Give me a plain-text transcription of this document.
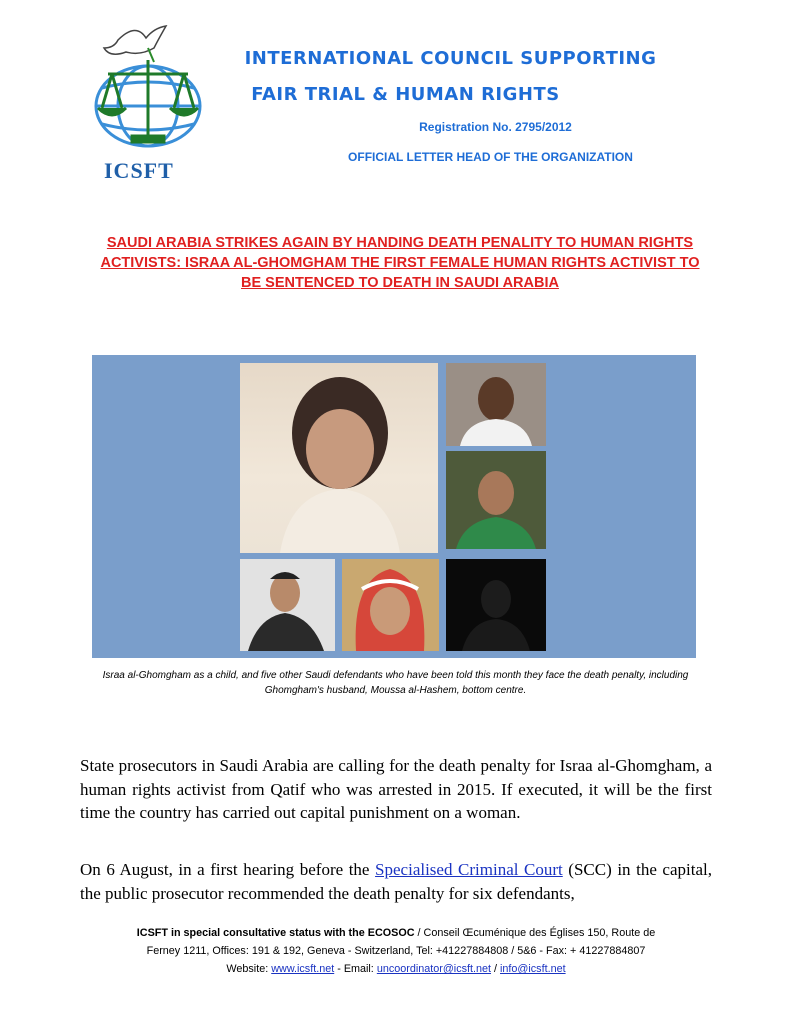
ICSFT
INTERNATIONAL COUNCIL SUPPORTING
FAIR TRIAL & HUMAN RIGHTS
Registration No. 2795/2012
OFFICIAL LETTER HEAD OF THE ORGANIZATION
SAUDI ARABIA STRIKES AGAIN BY HANDING DEATH PENALITY TO HUMAN RIGHTS ACTIVISTS: ISRAA AL-GHOMGHAM THE FIRST FEMALE HUMAN RIGHTS ACTIVIST TO BE SENTENCED TO DEATH IN SAUDI ARABIA
Israa al-Ghomgham as a child, and five other Saudi defendants who have been told this month they face the death penalty, including Ghomgham's husband, Moussa al-Hashem, bottom centre.
State prosecutors in Saudi Arabia are calling for the death penalty for Israa al-Ghomgham, a human rights activist from Qatif who was arrested in 2015. If executed, it will be the first time the country has carried out capital punishment on a woman.
On 6 August, in a first hearing before the Specialised Criminal Court (SCC) in the capital, the public prosecutor recommended the death penalty for six defendants,
ICSFT in special consultative status with the ECOSOC / Conseil Œcuménique des Églises 150, Route de
Ferney 1211, Offices: 191 & 192, Geneva - Switzerland, Tel: +41227884808 / 5&6 - Fax: + 41227884807
Website: www.icsft.net - Email: uncoordinator@icsft.net / info@icsft.net
